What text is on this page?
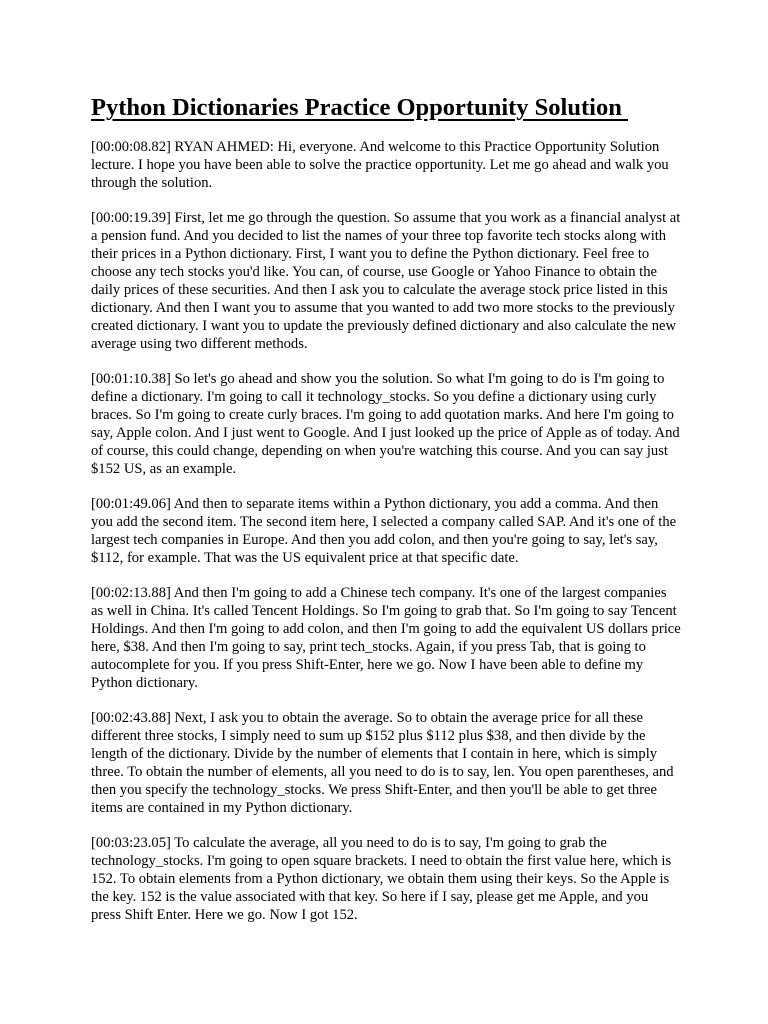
Python Dictionaries Practice Opportunity Solution

[00:00:08.82] RYAN AHMED: Hi, everyone. And welcome to this Practice Opportunity Solution lecture. I hope you have been able to solve the practice opportunity. Let me go ahead and walk you through the solution.

[00:00:19.39] First, let me go through the question. So assume that you work as a financial analyst at a pension fund. And you decided to list the names of your three top favorite tech stocks along with their prices in a Python dictionary. First, I want you to define the Python dictionary. Feel free to choose any tech stocks you'd like. You can, of course, use Google or Yahoo Finance to obtain the daily prices of these securities. And then I ask you to calculate the average stock price listed in this dictionary. And then I want you to assume that you wanted to add two more stocks to the previously created dictionary. I want you to update the previously defined dictionary and also calculate the new average using two different methods.

[00:01:10.38] So let's go ahead and show you the solution. So what I'm going to do is I'm going to define a dictionary. I'm going to call it technology_stocks. So you define a dictionary using curly braces. So I'm going to create curly braces. I'm going to add quotation marks. And here I'm going to say, Apple colon. And I just went to Google. And I just looked up the price of Apple as of today. And of course, this could change, depending on when you're watching this course. And you can say just $152 US, as an example.

[00:01:49.06] And then to separate items within a Python dictionary, you add a comma. And then you add the second item. The second item here, I selected a company called SAP. And it's one of the largest tech companies in Europe. And then you add colon, and then you're going to say, let's say, $112, for example. That was the US equivalent price at that specific date.

[00:02:13.88] And then I'm going to add a Chinese tech company. It's one of the largest companies as well in China. It's called Tencent Holdings. So I'm going to grab that. So I'm going to say Tencent Holdings. And then I'm going to add colon, and then I'm going to add the equivalent US dollars price here, $38. And then I'm going to say, print tech_stocks. Again, if you press Tab, that is going to autocomplete for you. If you press Shift-Enter, here we go. Now I have been able to define my Python dictionary.

[00:02:43.88] Next, I ask you to obtain the average. So to obtain the average price for all these different three stocks, I simply need to sum up $152 plus $112 plus $38, and then divide by the length of the dictionary. Divide by the number of elements that I contain in here, which is simply three. To obtain the number of elements, all you need to do is to say, len. You open parentheses, and then you specify the technology_stocks. We press Shift-Enter, and then you'll be able to get three items are contained in my Python dictionary.

[00:03:23.05] To calculate the average, all you need to do is to say, I'm going to grab the technology_stocks. I'm going to open square brackets. I need to obtain the first value here, which is 152. To obtain elements from a Python dictionary, we obtain them using their keys. So the Apple is the key. 152 is the value associated with that key. So here if I say, please get me Apple, and you press Shift Enter. Here we go. Now I got 152.
